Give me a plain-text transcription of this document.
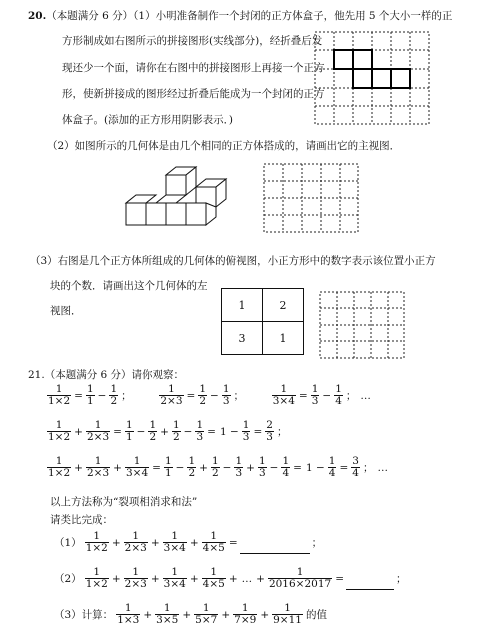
20.（本题满分 6 分）（1）小明准备制作一个封闭的正方体盒子，他先用 5 个大小一样的正
方形制成如右图所示的拼接图形(实线部分)，经折叠后发
现还少一个面，请你在右图中的拼接图形上再接一个正方
形，使新拼接成的图形经过折叠后能成为一个封闭的正方
体盒子。(添加的正方形用阴影表示．)
（2）如图所示的几何体是由几个相同的正方体搭成的，请画出它的主视图．
（3）右图是几个正方体所组成的几何体的俯视图，小正方形中的数字表示该位置小正方
块的个数．请画出这个几何体的左
视图．	1	2
3	1
21.（本题满分 6 分）请你观察：
$\frac{1}{1\times 2} = \frac{1}{1} - \frac{1}{2}$ ；	$\frac{1}{2\times 3} = \frac{1}{2} - \frac{1}{3}$ ；	$\frac{1}{3\times 4} = \frac{1}{3} - \frac{1}{4}$ ； …
$\frac{1}{1\times 2} + \frac{1}{2\times 3} = \frac{1}{1} - \frac{1}{2} + \frac{1}{2} - \frac{1}{3} = 1 - \frac{1}{3} = \frac{2}{3}$ ；
$\frac{1}{1\times 2} + \frac{1}{2\times 3} + \frac{1}{3\times 4} = \frac{1}{1} - \frac{1}{2} + \frac{1}{2} - \frac{1}{3} + \frac{1}{3} - \frac{1}{4} = 1 - \frac{1}{4} = \frac{3}{4}$ ； …
以上方法称为“裂项相消求和法”
请类比完成：
$(1) \frac{1}{1\times 2} + \frac{1}{2\times 3} + \frac{1}{3\times 4} + \frac{1}{4\times 5}$ =	；
$(2) \frac{1}{1\times 2} + \frac{1}{2\times 3} + \frac{1}{3\times 4} + \frac{1}{4\times 5}$ + … + $\frac{1}{2016\times 2017}$ =	；
（3）计算： $\frac{1}{1\times 3} + \frac{1}{3\times 5} + \frac{1}{5\times 7} + \frac{1}{7\times 9} + \frac{1}{9\times 11}$ 的值
